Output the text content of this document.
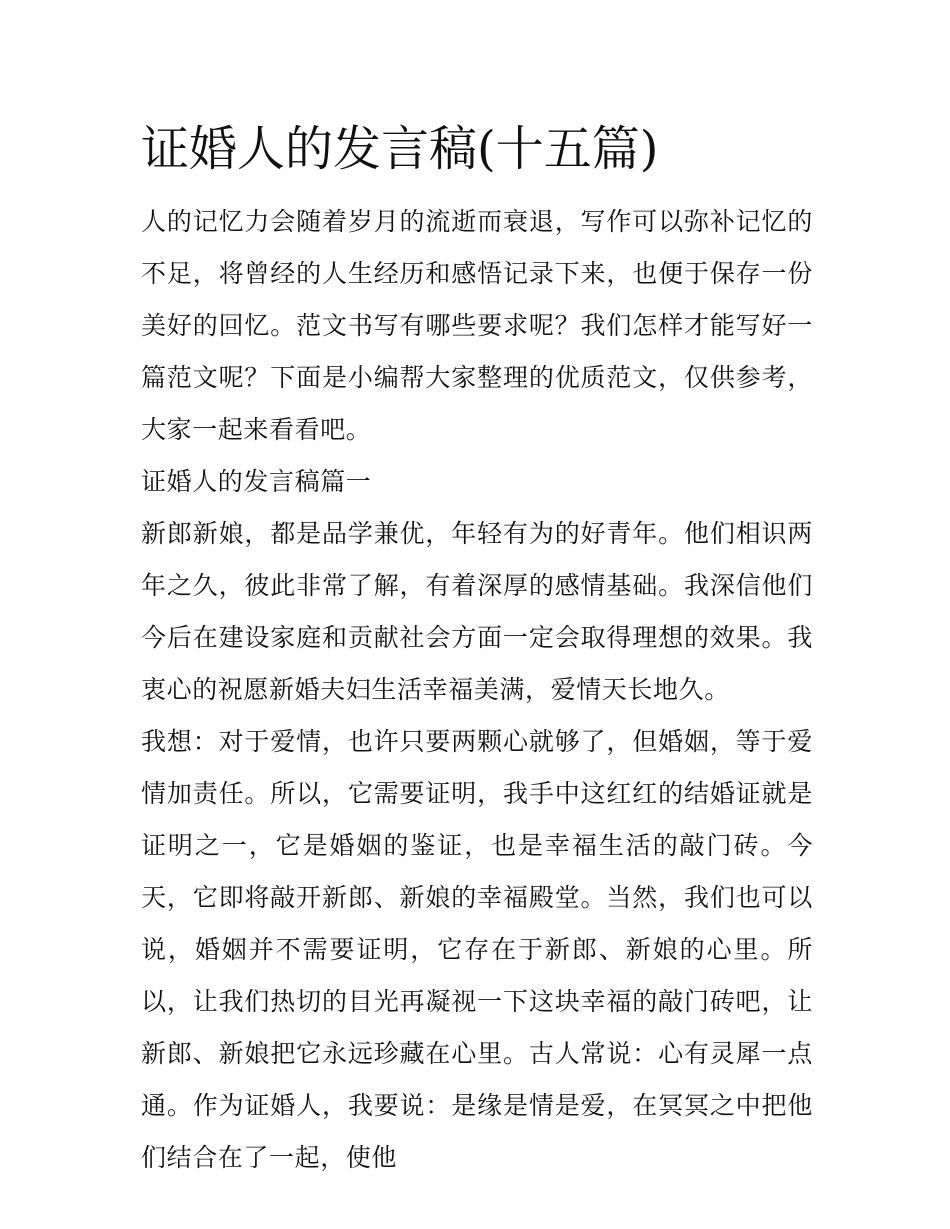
证婚人的发言稿(十五篇)

人的记忆力会随着岁月的流逝而衰退，写作可以弥补记忆的不足，将曾经的人生经历和感悟记录下来，也便于保存一份美好的回忆。范文书写有哪些要求呢？我们怎样才能写好一篇范文呢？下面是小编帮大家整理的优质范文，仅供参考，大家一起来看看吧。

证婚人的发言稿篇一

新郎新娘，都是品学兼优，年轻有为的好青年。他们相识两年之久，彼此非常了解，有着深厚的感情基础。我深信他们今后在建设家庭和贡献社会方面一定会取得理想的效果。我衷心的祝愿新婚夫妇生活幸福美满，爱情天长地久。

我想：对于爱情，也许只要两颗心就够了，但婚姻，等于爱情加责任。所以，它需要证明，我手中这红红的结婚证就是证明之一，它是婚姻的鉴证，也是幸福生活的敲门砖。今天，它即将敲开新郎、新娘的幸福殿堂。当然，我们也可以说，婚姻并不需要证明，它存在于新郎、新娘的心里。所以，让我们热切的目光再凝视一下这块幸福的敲门砖吧，让新郎、新娘把它永远珍藏在心里。古人常说：心有灵犀一点通。作为证婚人，我要说：是缘是情是爱，在冥冥之中把他们结合在了一起，使他
